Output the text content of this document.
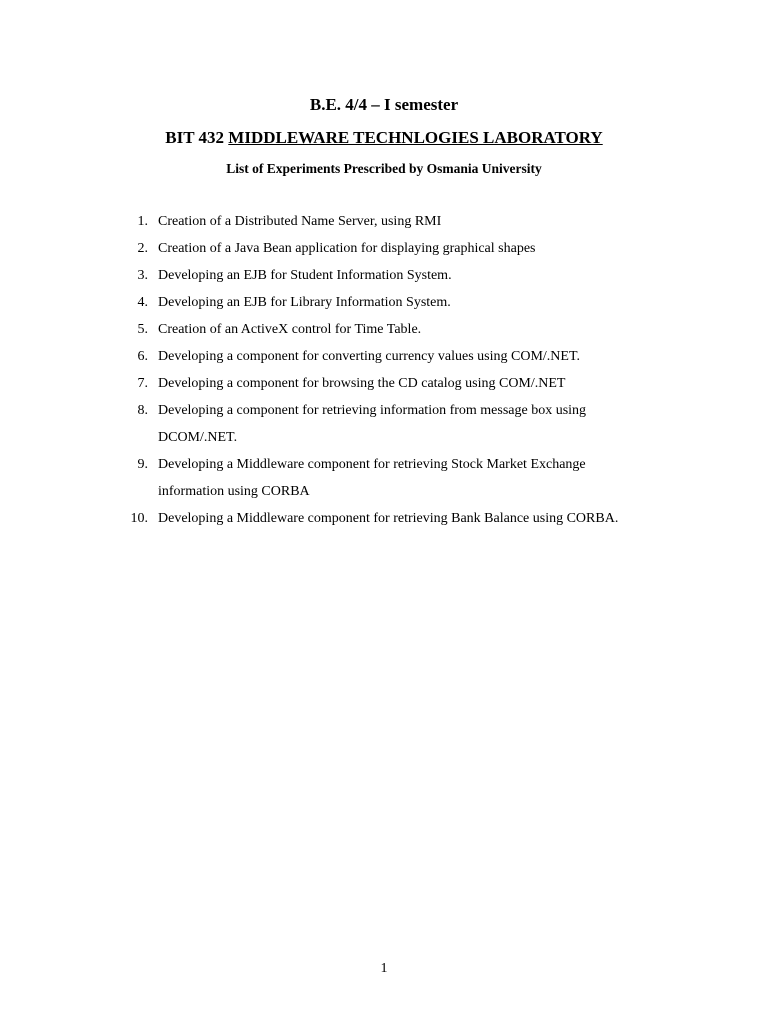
B.E. 4/4 – I semester
BIT 432 MIDDLEWARE TECHNLOGIES LABORATORY
List of Experiments Prescribed by Osmania University
1. Creation of a Distributed Name Server, using RMI
2. Creation of a Java Bean application for displaying graphical shapes
3. Developing an EJB for Student Information System.
4. Developing an EJB for Library Information System.
5. Creation of an ActiveX control for Time Table.
6. Developing a component for converting currency values using COM/.NET.
7. Developing a component for browsing the CD catalog using COM/.NET
8. Developing a component for retrieving information from message box using
DCOM/.NET.
9. Developing a Middleware component for retrieving Stock Market Exchange
information using CORBA
10. Developing a Middleware component for retrieving Bank Balance using CORBA.
1
